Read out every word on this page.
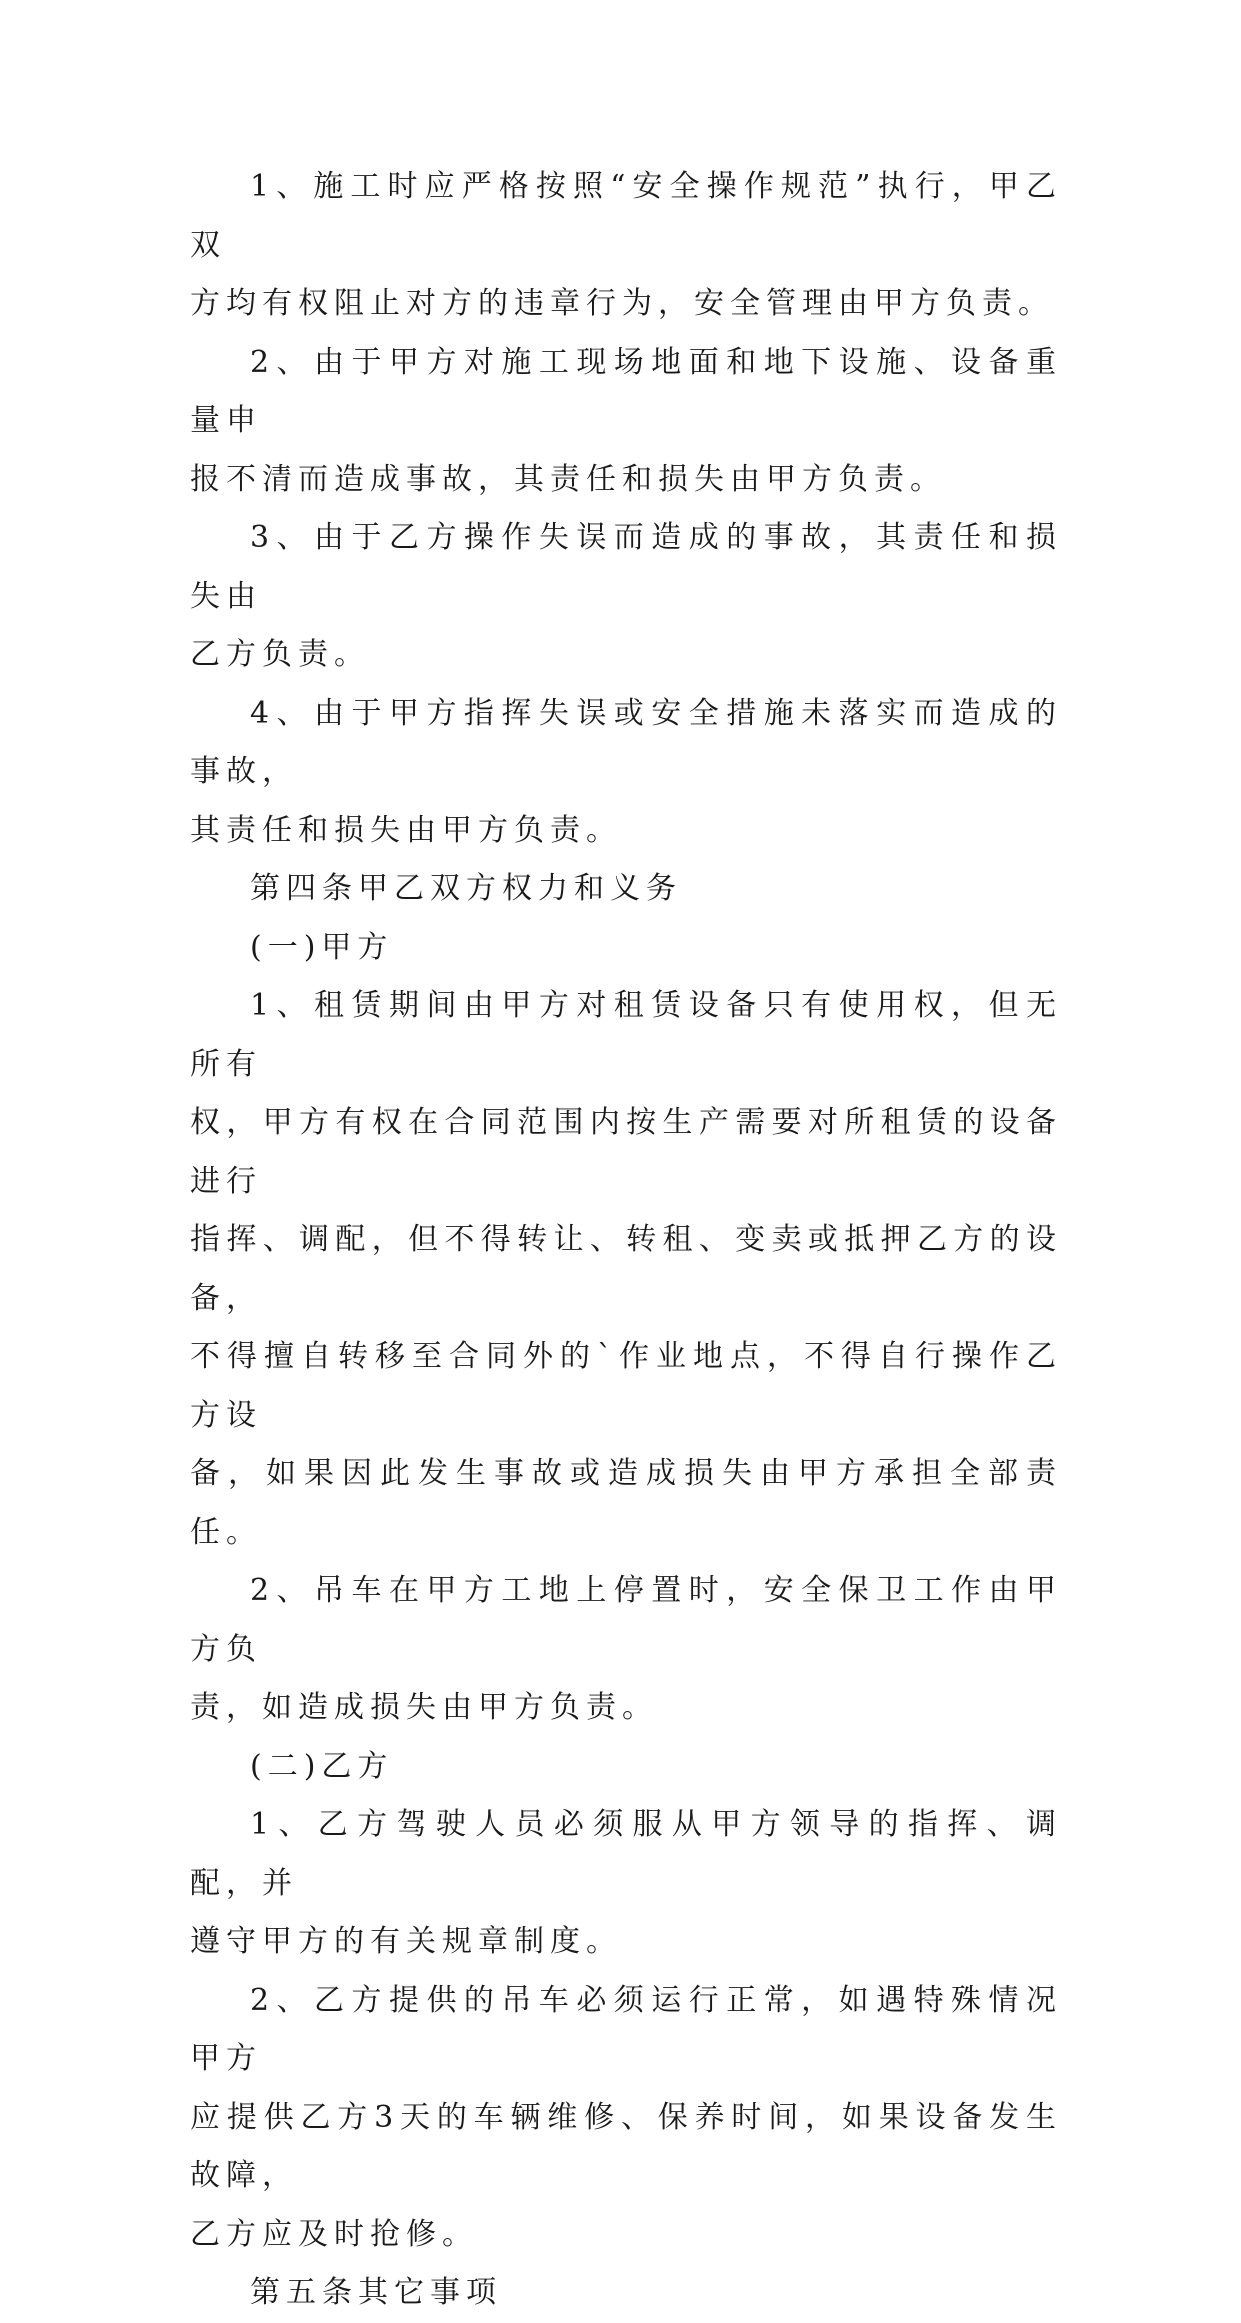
1、施工时应严格按照“安全操作规范”执行，甲乙双
方均有权阻止对方的违章行为，安全管理由甲方负责。

2、由于甲方对施工现场地面和地下设施、设备重量申
报不清而造成事故，其责任和损失由甲方负责。

3、由于乙方操作失误而造成的事故，其责任和损失由
乙方负责。

4、由于甲方指挥失误或安全措施未落实而造成的事故，
其责任和损失由甲方负责。

第四条甲乙双方权力和义务

(一)甲方

1、租赁期间由甲方对租赁设备只有使用权，但无所有
权，甲方有权在合同范围内按生产需要对所租赁的设备进行
指挥、调配，但不得转让、转租、变卖或抵押乙方的设备，
不得擅自转移至合同外的`作业地点，不得自行操作乙方设
备，如果因此发生事故或造成损失由甲方承担全部责任。

2、吊车在甲方工地上停置时，安全保卫工作由甲方负
责，如造成损失由甲方负责。

(二)乙方

1、乙方驾驶人员必须服从甲方领导的指挥、调配，并
遵守甲方的有关规章制度。

2、乙方提供的吊车必须运行正常，如遇特殊情况甲方
应提供乙方3天的车辆维修、保养时间，如果设备发生故障，
乙方应及时抢修。

第五条其它事项
